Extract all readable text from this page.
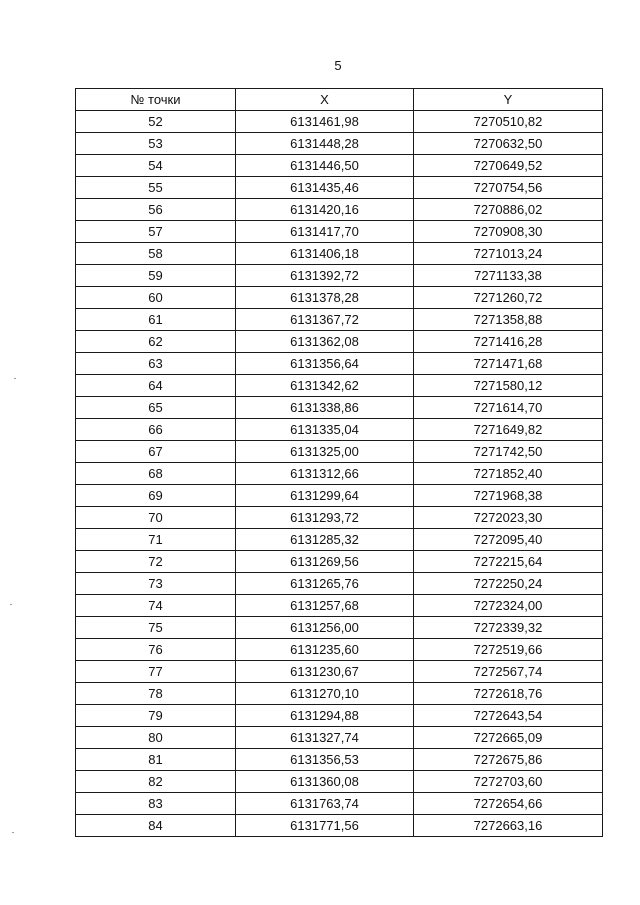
5
№ точки	X	Y
52	6131461,98	7270510,82
53	6131448,28	7270632,50
54	6131446,50	7270649,52
55	6131435,46	7270754,56
56	6131420,16	7270886,02
57	6131417,70	7270908,30
58	6131406,18	7271013,24
59	6131392,72	7271133,38
60	6131378,28	7271260,72
61	6131367,72	7271358,88
62	6131362,08	7271416,28
63	6131356,64	7271471,68
64	6131342,62	7271580,12
65	6131338,86	7271614,70
66	6131335,04	7271649,82
67	6131325,00	7271742,50
68	6131312,66	7271852,40
69	6131299,64	7271968,38
70	6131293,72	7272023,30
71	6131285,32	7272095,40
72	6131269,56	7272215,64
73	6131265,76	7272250,24
74	6131257,68	7272324,00
75	6131256,00	7272339,32
76	6131235,60	7272519,66
77	6131230,67	7272567,74
78	6131270,10	7272618,76
79	6131294,88	7272643,54
80	6131327,74	7272665,09
81	6131356,53	7272675,86
82	6131360,08	7272703,60
83	6131763,74	7272654,66
84	6131771,56	7272663,16
